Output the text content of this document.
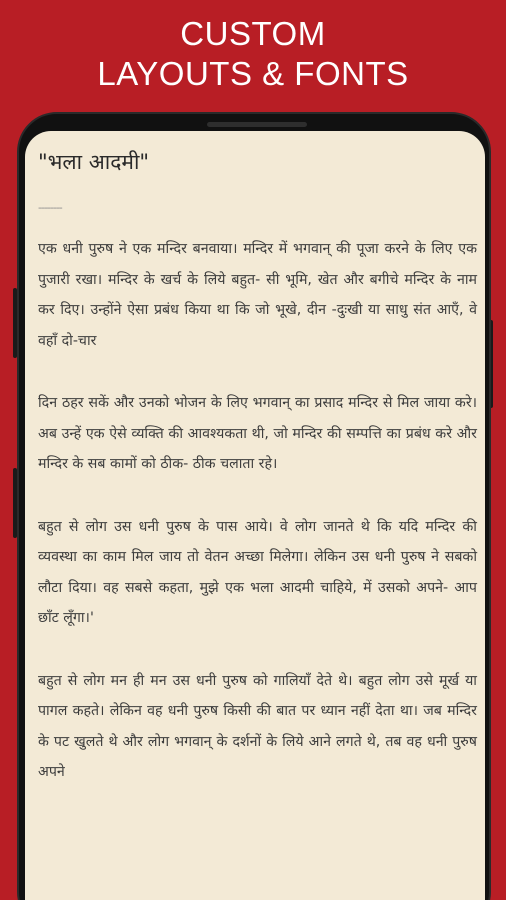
CUSTOM
LAYOUTS & FONTS
"भला आदमी"
--------

एक धनी पुरुष ने एक मन्दिर बनवाया। मन्दिर में भगवान् की पूजा करने के लिए एक पुजारी रखा। मन्दिर के खर्च के लिये बहुत- सी भूमि, खेत और बगीचे मन्दिर के नाम कर दिए। उन्होंने ऐसा प्रबंध किया था कि जो भूखे, दीन -दुःखी या साधु संत आएँ, वे वहाँ दो-चार

दिन ठहर सकें और उनको भोजन के लिए भगवान् का प्रसाद मन्दिर से मिल जाया करे। अब उन्हें एक ऐसे व्यक्ति की आवश्यकता थी, जो मन्दिर की सम्पत्ति का प्रबंध करे और मन्दिर के सब कामों को ठीक- ठीक चलाता रहे।

बहुत से लोग उस धनी पुरुष के पास आये। वे लोग जानते थे कि यदि मन्दिर की व्यवस्था का काम मिल जाय तो वेतन अच्छा मिलेगा। लेकिन उस धनी पुरुष ने सबको लौटा दिया। वह सबसे कहता, मुझे एक भला आदमी चाहिये, में उसको अपने- आप छाँट लूँगा।'

बहुत से लोग मन ही मन उस धनी पुरुष को गालियाँ देते थे। बहुत लोग उसे मूर्ख या पागल कहते। लेकिन वह धनी पुरुष किसी की बात पर ध्यान नहीं देता था। जब मन्दिर के पट खुलते थे और लोग भगवान् के दर्शनों के लिये आने लगते थे, तब वह धनी पुरुष अपने
